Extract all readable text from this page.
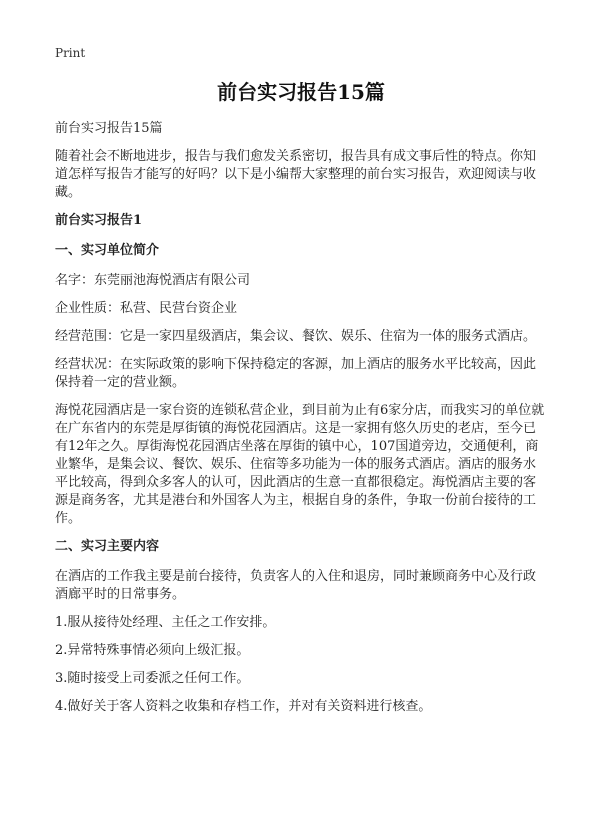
Print
前台实习报告15篇

前台实习报告15篇

随着社会不断地进步，报告与我们愈发关系密切，报告具有成文事后性的特点。你知道怎样写报告才能写的好吗？以下是小编帮大家整理的前台实习报告，欢迎阅读与收藏。

前台实习报告1

一、实习单位简介

名字：东莞丽池海悦酒店有限公司

企业性质：私营、民营台资企业

经营范围：它是一家四星级酒店，集会议、餐饮、娱乐、住宿为一体的服务式酒店。

经营状况：在实际政策的影响下保持稳定的客源，加上酒店的服务水平比较高，因此保持着一定的营业额。

海悦花园酒店是一家台资的连锁私营企业，到目前为止有6家分店，而我实习的单位就在广东省内的东莞是厚街镇的海悦花园酒店。这是一家拥有悠久历史的老店，至今已有12年之久。厚街海悦花园酒店坐落在厚街的镇中心，107国道旁边，交通便利，商业繁华，是集会议、餐饮、娱乐、住宿等多功能为一体的服务式酒店。酒店的服务水平比较高，得到众多客人的认可，因此酒店的生意一直都很稳定。海悦酒店主要的客源是商务客，尤其是港台和外国客人为主，根据自身的条件，争取一份前台接待的工作。

二、实习主要内容

在酒店的工作我主要是前台接待，负责客人的入住和退房，同时兼顾商务中心及行政酒廊平时的日常事务。

1.服从接待处经理、主任之工作安排。

2.异常特殊事情必须向上级汇报。

3.随时接受上司委派之任何工作。

4.做好关于客人资料之收集和存档工作，并对有关资料进行核查。
